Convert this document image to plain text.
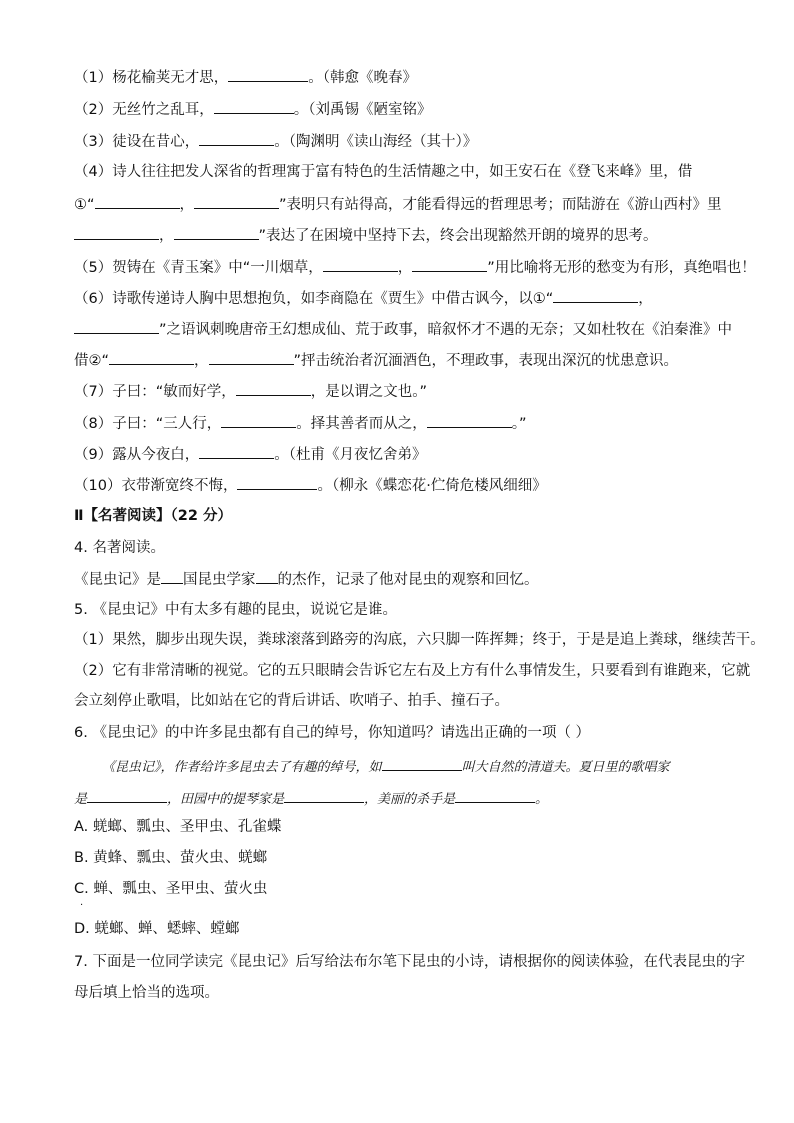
（1）杨花榆荚无才思，	。（韩愈《晚春》
（2）无丝竹之乱耳，	。（刘禹锡《陋室铭》
（3）徒设在昔心，	。（陶渊明《读山海经（其十）》
（4）诗人往往把发人深省的哲理寓于富有特色的生活情趣之中，如王安石在《登飞来峰》里，借
①“	，	”表明只有站得高，才能看得远的哲理思考；而陆游在《游山西村》里
，	”表达了在困境中坚持下去，终会出现豁然开朗的境界的思考。
（5）贺铸在《青玉案》中“一川烟草，	，	”用比喻将无形的愁变为有形，真绝唱也！
（6）诗歌传递诗人胸中思想抱负，如李商隐在《贾生》中借古讽今，以①“	，
”之语讽刺晚唐帝王幻想成仙、荒于政事，暗叙怀才不遇的无奈；又如杜牧在《泊秦淮》中
借②“	，	”抨击统治者沉湎酒色，不理政事，表现出深沉的忧患意识。
（7）子曰：“敏而好学，	，是以谓之文也。”
（8）子曰：“三人行，	。择其善者而从之，	。”
（9）露从今夜白，	。（杜甫《月夜忆舍弟》
（10）衣带渐宽终不悔，	。（柳永《蝶恋花·伫倚危楼风细细》
Ⅱ【名著阅读】（22 分）
4. 名著阅读。
《昆虫记》是 国昆虫学家 的杰作，记录了他对昆虫的观察和回忆。
5. 《昆虫记》中有太多有趣的昆虫，说说它是谁。
（1）果然，脚步出现失误，粪球滚落到路旁的沟底，六只脚一阵挥舞；终于，于是是追上粪球，继续苦干。
（2）它有非常清晰的视觉。它的五只眼睛会告诉它左右及上方有什么事情发生，只要看到有谁跑来，它就
会立刻停止歌唱，比如站在它的背后讲话、吹哨子、拍手、撞石子。
6. 《昆虫记》的中许多昆虫都有自己的绰号，你知道吗？请选出正确的一项（ ）
《昆虫记》，作者给许多昆虫去了有趣的绰号，如	叫大自然的清道夫。夏日里的歌唱家
是	，田园中的提琴家是	，美丽的杀手是	。
A. 蜣螂、瓢虫、圣甲虫、孔雀蝶
B. 黄蜂、瓢虫、萤火虫、蜣螂
C. 蝉、瓢虫、圣甲虫、萤火虫
·
D. 蜣螂、蝉、蟋蟀、螳螂
7. 下面是一位同学读完《昆虫记》后写给法布尔笔下昆虫的小诗，请根据你的阅读体验，在代表昆虫的字
母后填上恰当的选项。
